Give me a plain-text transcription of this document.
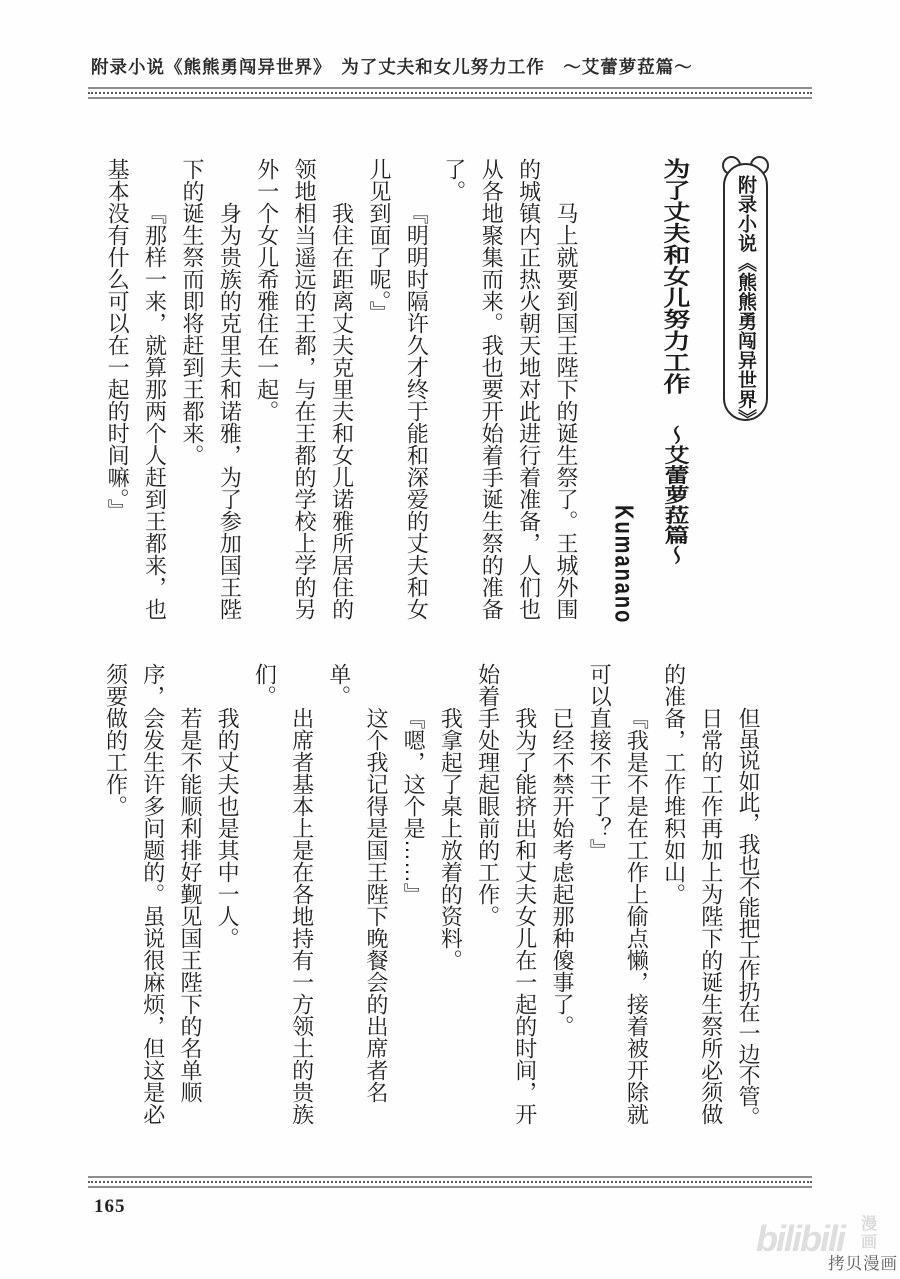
附录小说《熊熊勇闯异世界》　为了丈夫和女儿努力工作　～艾蕾萝菈篇～
附录小说《熊熊勇闯异世界》

为了丈夫和女儿努力工作～艾蕾萝菈篇～

Kumanano

马上就要到国王陛下的诞生祭了。王城外围的城镇内正热火朝天地对此进行着准备，人们也从各地聚集而来。我也要开始着手诞生祭的准备了。

『明明时隔许久才终于能和深爱的丈夫和女儿见到面了呢。』

我住在距离丈夫克里夫和女儿诺雅所居住的领地相当遥远的王都，与在王都的学校上学的另外一个女儿希雅住在一起。

身为贵族的克里夫和诺雅，为了参加国王陛下的诞生祭而即将赶到王都来。

『那样一来，就算那两个人赶到王都来，也基本没有什么可以在一起的时间嘛。』

但虽说如此，我也不能把工作扔在一边不管。

日常的工作再加上为陛下的诞生祭所必须做的准备，工作堆积如山。

『我是不是在工作上偷点懒，接着被开除就可以直接不干了？』

已经不禁开始考虑起那种傻事了。

我为了能挤出和丈夫女儿在一起的时间，开始着手处理起眼前的工作。

我拿起了桌上放着的资料。

『嗯，这个是……』

这个我记得是国王陛下晚餐会的出席者名单。

出席者基本上是在各地持有一方领土的贵族们。

我的丈夫也是其中一人。

若是不能顺利排好觐见国王陛下的名单顺序，会发生许多问题的。虽说很麻烦，但这是必须要做的工作。

165
bilibili 漫画
拷贝漫画
